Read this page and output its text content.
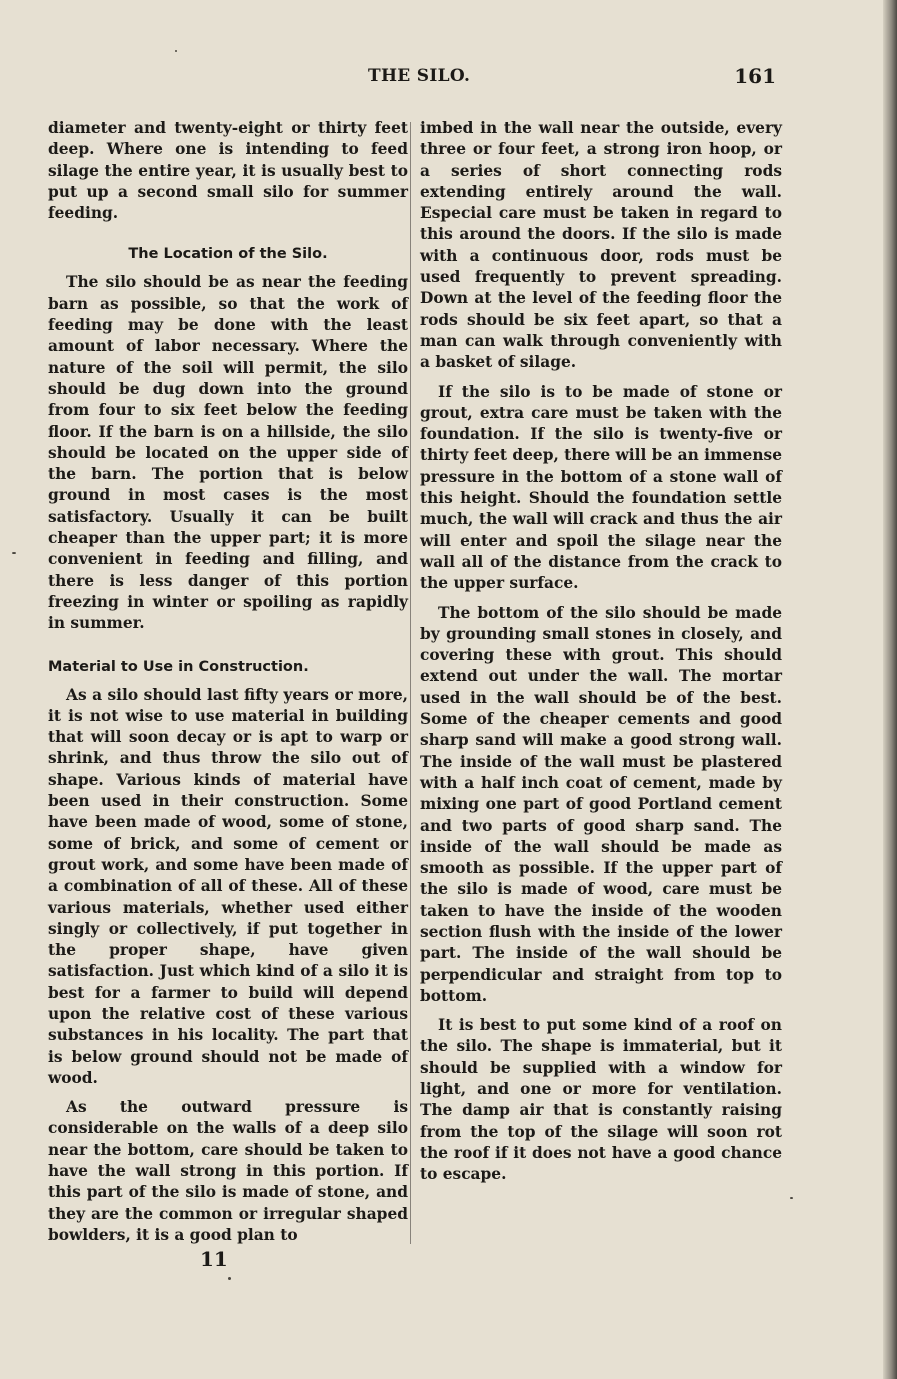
THE SILO.	161

diameter and twenty-eight or thirty feet deep. Where one is intending to feed silage the entire year, it is usually best to put up a second small silo for summer feeding.

The Location of the Silo.

The silo should be as near the feeding barn as possible, so that the work of feeding may be done with the least amount of labor necessary. Where the nature of the soil will permit, the silo should be dug down into the ground from four to six feet below the feeding floor. If the barn is on a hillside, the silo should be located on the upper side of the barn. The portion that is below ground in most cases is the most satisfactory. Usually it can be built cheaper than the upper part; it is more convenient in feeding and filling, and there is less danger of this portion freezing in winter or spoiling as rapidly in summer.

Material to Use in Construction.

As a silo should last fifty years or more, it is not wise to use material in building that will soon decay or is apt to warp or shrink, and thus throw the silo out of shape. Various kinds of material have been used in their construction. Some have been made of wood, some of stone, some of brick, and some of cement or grout work, and some have been made of a combination of all of these. All of these various materials, whether used either singly or collectively, if put together in the proper shape, have given satisfaction. Just which kind of a silo it is best for a farmer to build will depend upon the relative cost of these various substances in his locality. The part that is below ground should not be made of wood.

As the outward pressure is considerable on the walls of a deep silo near the bottom, care should be taken to have the wall strong in this portion. If this part of the silo is made of stone, and they are the common or irregular shaped bowlders, it is a good plan to

imbed in the wall near the outside, every three or four feet, a strong iron hoop, or a series of short connecting rods extending entirely around the wall. Especial care must be taken in regard to this around the doors. If the silo is made with a continuous door, rods must be used frequently to prevent spreading. Down at the level of the feeding floor the rods should be six feet apart, so that a man can walk through conveniently with a basket of silage.

If the silo is to be made of stone or grout, extra care must be taken with the foundation. If the silo is twenty-five or thirty feet deep, there will be an immense pressure in the bottom of a stone wall of this height. Should the foundation settle much, the wall will crack and thus the air will enter and spoil the silage near the wall all of the distance from the crack to the upper surface.

The bottom of the silo should be made by grounding small stones in closely, and covering these with grout. This should extend out under the wall. The mortar used in the wall should be of the best. Some of the cheaper cements and good sharp sand will make a good strong wall. The inside of the wall must be plastered with a half inch coat of cement, made by mixing one part of good Portland cement and two parts of good sharp sand. The inside of the wall should be made as smooth as possible. If the upper part of the silo is made of wood, care must be taken to have the inside of the wooden section flush with the inside of the lower part. The inside of the wall should be perpendicular and straight from top to bottom.

It is best to put some kind of a roof on the silo. The shape is immaterial, but it should be supplied with a window for light, and one or more for ventilation. The damp air that is constantly raising from the top of the silage will soon rot the roof if it does not have a good chance to escape.

11
